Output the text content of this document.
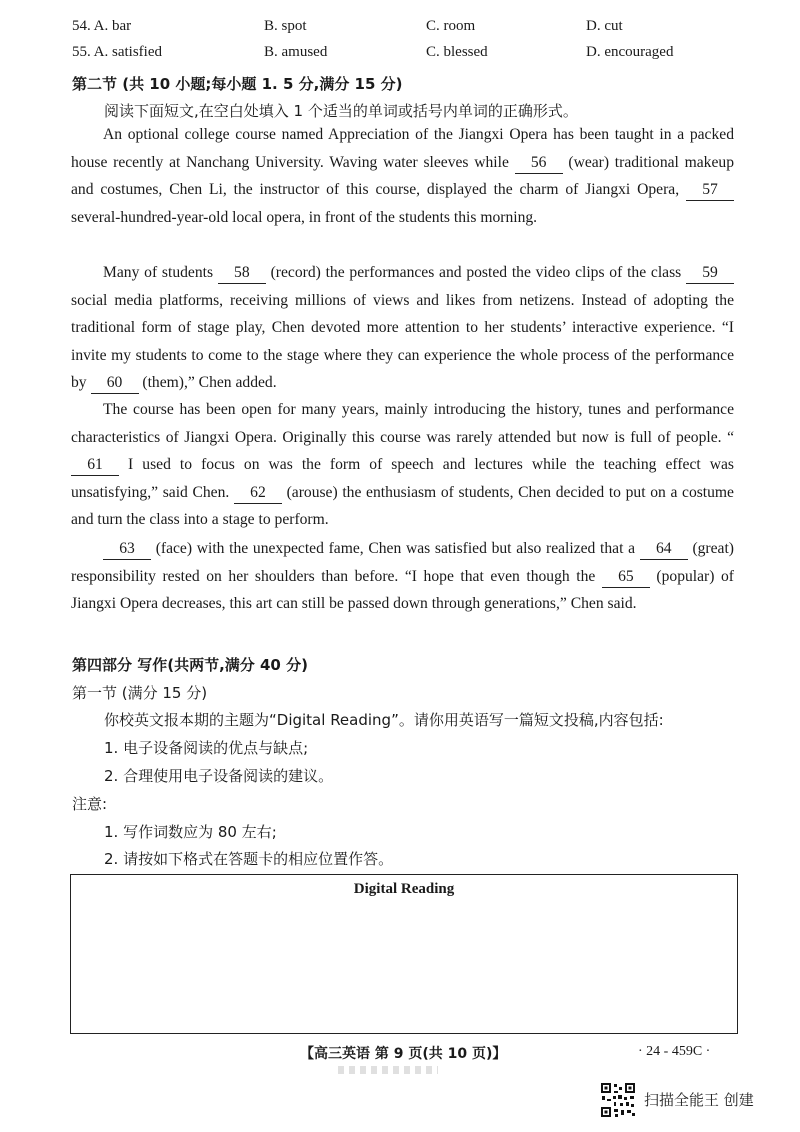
54. A. bar	B. spot	C. room	D. cut
55. A. satisfied	B. amused	C. blessed	D. encouraged
第二节 (共 10 小题;每小题 1. 5 分,满分 15 分)
阅读下面短文,在空白处填入 1 个适当的单词或括号内单词的正确形式。

An optional college course named Appreciation of the Jiangxi Opera has been taught in a packed house recently at Nanchang University. Waving water sleeves while 56 (wear) traditional makeup and costumes, Chen Li, the instructor of this course, displayed the charm of Jiangxi Opera, 57 several-hundred-year-old local opera, in front of the students this morning.

Many of students 58 (record) the performances and posted the video clips of the class 59 social media platforms, receiving millions of views and likes from netizens. Instead of adopting the traditional form of stage play, Chen devoted more attention to her students’ interactive experience. “I invite my students to come to the stage where they can experience the whole process of the performance by 60 (them),” Chen added.

The course has been open for many years, mainly introducing the history, tunes and performance characteristics of Jiangxi Opera. Originally this course was rarely attended but now is full of people. “61 I used to focus on was the form of speech and lectures while the teaching effect was unsatisfying,” said Chen. 62 (arouse) the enthusiasm of students, Chen decided to put on a costume and turn the class into a stage to perform.

63 (face) with the unexpected fame, Chen was satisfied but also realized that a 64 (great) responsibility rested on her shoulders than before. “I hope that even though the 65 (popular) of Jiangxi Opera decreases, this art can still be passed down through generations,” Chen said.

第四部分 写作(共两节,满分 40 分)
第一节 (满分 15 分)
你校英文报本期的主题为“Digital Reading”。请你用英语写一篇短文投稿,内容包括:
1. 电子设备阅读的优点与缺点;
2. 合理使用电子设备阅读的建议。
注意:
1. 写作词数应为 80 左右;
2. 请按如下格式在答题卡的相应位置作答。
Digital Reading
【高三英语 第 9 页(共 10 页)】	· 24 - 459C ·
扫描全能王 创建
